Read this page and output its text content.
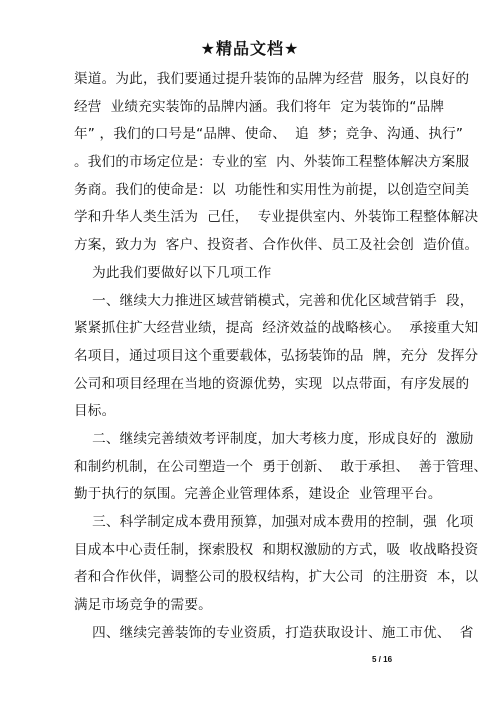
★精品文档★
渠道。为此，我们要通过提升装饰的品牌为经营  服务，以良好的
经营  业绩充实装饰的品牌内涵。我们将年  定为装饰的“品牌
年” ，我们的口号是“品牌、使命、  追  梦；竞争、沟通、执行”
。我们的市场定位是：专业的室  内、外装饰工程整体解决方案服
务商。我们的使命是：以  功能性和实用性为前提，以创造空间美
学和升华人类生活为  己任，  专业提供室内、外装饰工程整体解决
方案，致力为  客户、投资者、合作伙伴、员工及社会创  造价值。
为此我们要做好以下几项工作
一、继续大力推进区域营销模式，完善和优化区域营销手  段，
紧紧抓住扩大经营业绩，提高  经济效益的战略核心。  承接重大知
名项目，通过项目这个重要载体，弘扬装饰的品  牌，充分  发挥分
公司和项目经理在当地的资源优势，实现  以点带面，有序发展的
目标。
二、继续完善绩效考评制度，加大考核力度，形成良好的  激励
和制约机制，在公司塑造一个  勇于创新、  敢于承担、  善于管理、
勤于执行的氛围。完善企业管理体系，建设企  业管理平台。
三、科学制定成本费用预算，加强对成本费用的控制，强  化项
目成本中心责任制，探索股权  和期权激励的方式，吸  收战略投资
者和合作伙伴，调整公司的股权结构，扩大公司  的注册资  本，以
满足市场竞争的需要。
四、继续完善装饰的专业资质，打造获取设计、施工市优、  省
5 / 16
